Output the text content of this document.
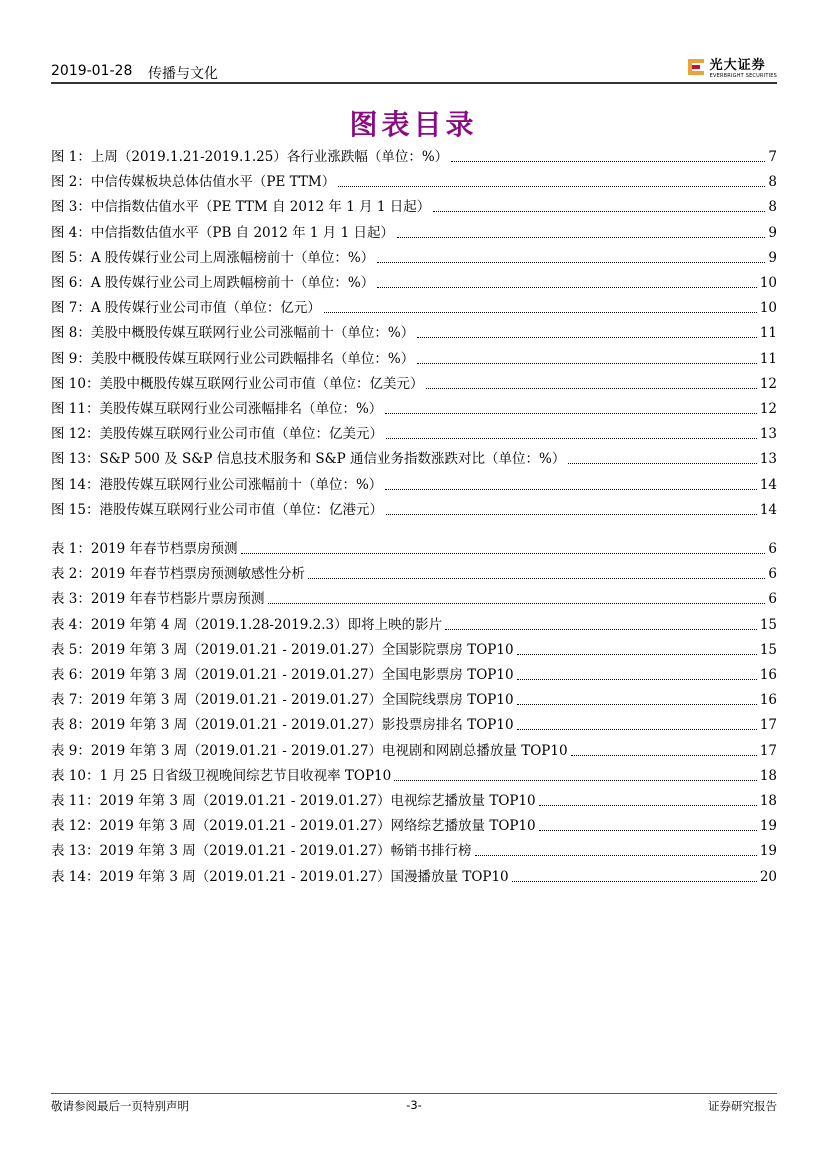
2019-01-28 传播与文化
光大证券
EVERBRIGHT SECURITIES
图表目录
图 1：上周（2019.1.21-2019.1.25）各行业涨跌幅（单位：%）	7
图 2：中信传媒板块总体估值水平（PE TTM）	8
图 3：中信指数估值水平（PE TTM 自 2012 年 1 月 1 日起）	8
图 4：中信指数估值水平（PB 自 2012 年 1 月 1 日起）	9
图 5：A 股传媒行业公司上周涨幅榜前十（单位：%）	9
图 6：A 股传媒行业公司上周跌幅榜前十（单位：%）	10
图 7：A 股传媒行业公司市值（单位：亿元）	10
图 8：美股中概股传媒互联网行业公司涨幅前十（单位：%）	11
图 9：美股中概股传媒互联网行业公司跌幅排名（单位：%）	11
图 10：美股中概股传媒互联网行业公司市值（单位：亿美元）	12
图 11：美股传媒互联网行业公司涨幅排名（单位：%）	12
图 12：美股传媒互联网行业公司市值（单位：亿美元）	13
图 13：S&P 500 及 S&P 信息技术服务和 S&P 通信业务指数涨跌对比（单位：%）	13
图 14：港股传媒互联网行业公司涨幅前十（单位：%）	14
图 15：港股传媒互联网行业公司市值（单位：亿港元）	14
表 1：2019 年春节档票房预测	6
表 2：2019 年春节档票房预测敏感性分析	6
表 3：2019 年春节档影片票房预测	6
表 4：2019 年第 4 周（2019.1.28-2019.2.3）即将上映的影片	15
表 5：2019 年第 3 周（2019.01.21 - 2019.01.27）全国影院票房 TOP10	15
表 6：2019 年第 3 周（2019.01.21 - 2019.01.27）全国电影票房 TOP10	16
表 7：2019 年第 3 周（2019.01.21 - 2019.01.27）全国院线票房 TOP10	16
表 8：2019 年第 3 周（2019.01.21 - 2019.01.27）影投票房排名 TOP10	17
表 9：2019 年第 3 周（2019.01.21 - 2019.01.27）电视剧和网剧总播放量 TOP10	17
表 10：1 月 25 日省级卫视晚间综艺节目收视率 TOP10	18
表 11：2019 年第 3 周（2019.01.21 - 2019.01.27）电视综艺播放量 TOP10	18
表 12：2019 年第 3 周（2019.01.21 - 2019.01.27）网络综艺播放量 TOP10	19
表 13：2019 年第 3 周（2019.01.21 - 2019.01.27）畅销书排行榜	19
表 14：2019 年第 3 周（2019.01.21 - 2019.01.27）国漫播放量 TOP10	20
敬请参阅最后一页特别声明	-3-	证券研究报告
